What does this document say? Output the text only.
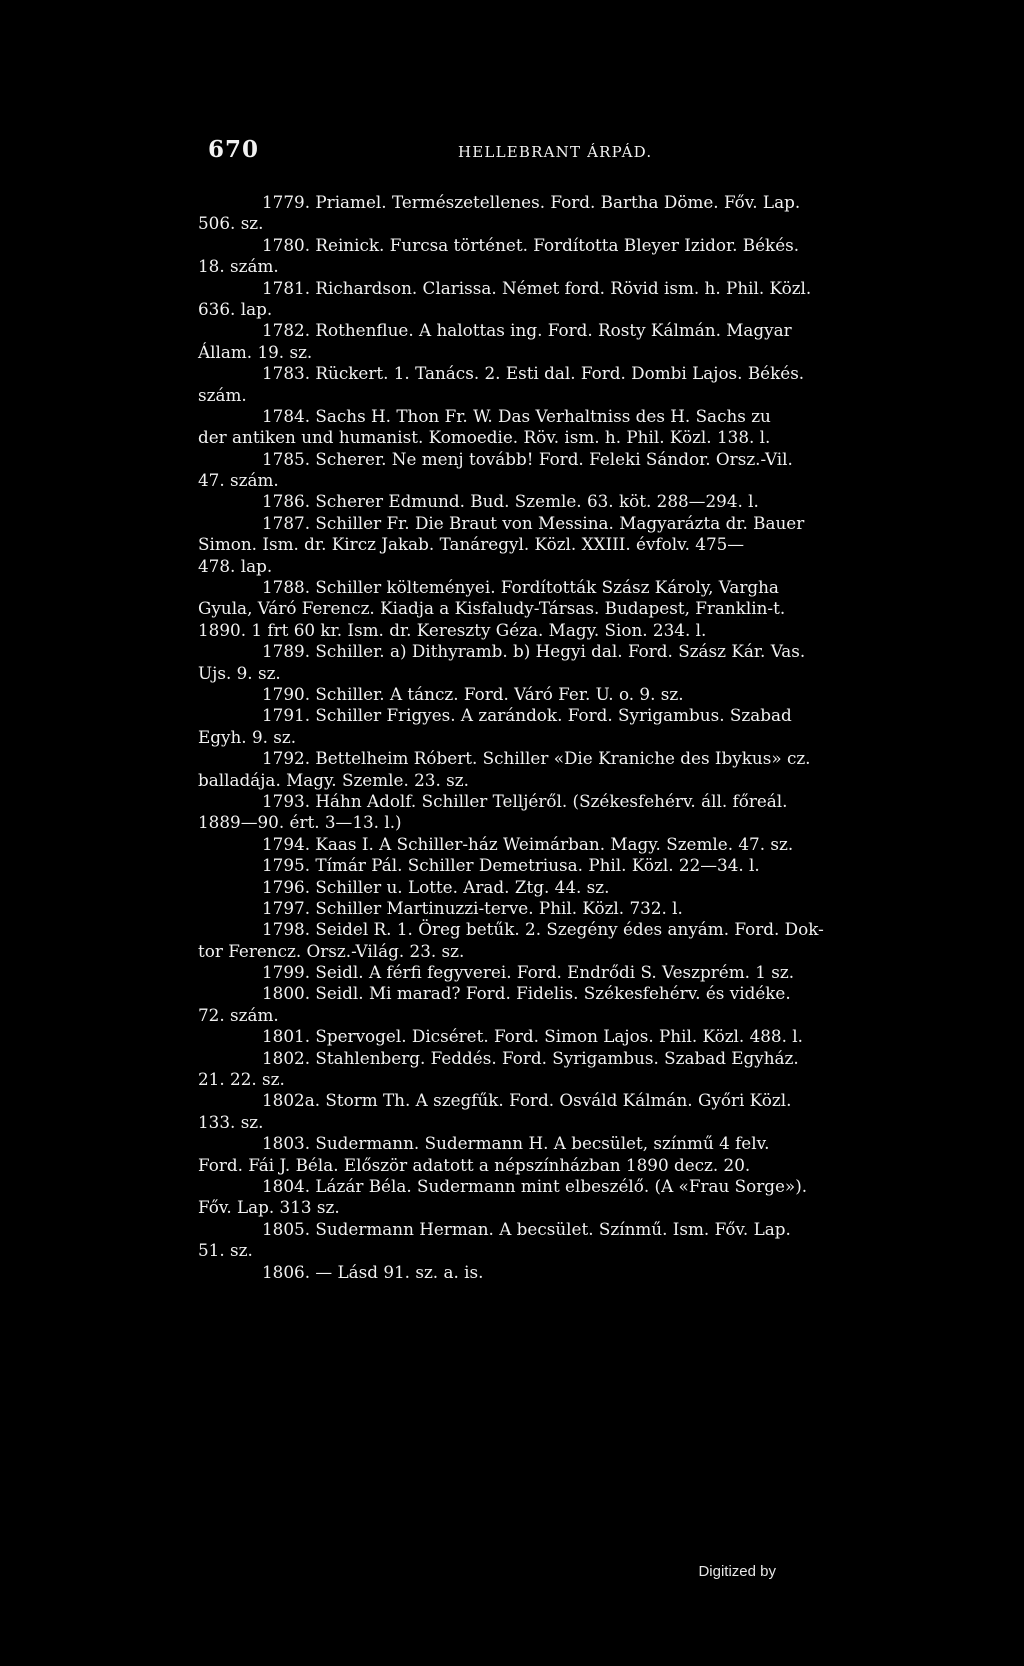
670	HELLEBRANT ÁRPÁD.
1779. Priamel. Természetellenes. Ford. Bartha Döme. Főv. Lap.
506. sz.
1780. Reinick. Furcsa történet. Fordította Bleyer Izidor. Békés.
18. szám.
1781. Richardson. Clarissa. Német ford. Rövid ism. h. Phil. Közl.
636. lap.
1782. Rothenflue. A halottas ing. Ford. Rosty Kálmán. Magyar
Állam. 19. sz.
1783. Rückert. 1. Tanács. 2. Esti dal. Ford. Dombi Lajos. Békés.
szám.
1784. Sachs H. Thon Fr. W. Das Verhaltniss des H. Sachs zu
der antiken und humanist. Komoedie. Röv. ism. h. Phil. Közl. 138. l.
1785. Scherer. Ne menj tovább! Ford. Feleki Sándor. Orsz.-Vil.
47. szám.
1786. Scherer Edmund. Bud. Szemle. 63. köt. 288—294. l.
1787. Schiller Fr. Die Braut von Messina. Magyarázta dr. Bauer
Simon. Ism. dr. Kircz Jakab. Tanáregyl. Közl. XXIII. évfolv. 475—
478. lap.
1788. Schiller költeményei. Fordították Szász Károly, Vargha
Gyula, Váró Ferencz. Kiadja a Kisfaludy-Társas. Budapest, Franklin-t.
1890. 1 frt 60 kr. Ism. dr. Kereszty Géza. Magy. Sion. 234. l.
1789. Schiller. a) Dithyramb. b) Hegyi dal. Ford. Szász Kár. Vas.
Ujs. 9. sz.
1790. Schiller. A táncz. Ford. Váró Fer. U. o. 9. sz.
1791. Schiller Frigyes. A zarándok. Ford. Syrigambus. Szabad
Egyh. 9. sz.
1792. Bettelheim Róbert. Schiller «Die Kraniche des Ibykus» cz.
balladája. Magy. Szemle. 23. sz.
1793. Háhn Adolf. Schiller Telljéről. (Székesfehérv. áll. főreál.
1889—90. ért. 3—13. l.)
1794. Kaas I. A Schiller-ház Weimárban. Magy. Szemle. 47. sz.
1795. Tímár Pál. Schiller Demetriusa. Phil. Közl. 22—34. l.
1796. Schiller u. Lotte. Arad. Ztg. 44. sz.
1797. Schiller Martinuzzi-terve. Phil. Közl. 732. l.
1798. Seidel R. 1. Öreg betűk. 2. Szegény édes anyám. Ford. Dok-
tor Ferencz. Orsz.-Világ. 23. sz.
1799. Seidl. A férfi fegyverei. Ford. Endrődi S. Veszprém. 1 sz.
1800. Seidl. Mi marad? Ford. Fidelis. Székesfehérv. és vidéke.
72. szám.
1801. Spervogel. Dicséret. Ford. Simon Lajos. Phil. Közl. 488. l.
1802. Stahlenberg. Feddés. Ford. Syrigambus. Szabad Egyház.
21. 22. sz.
1802a. Storm Th. A szegfűk. Ford. Osváld Kálmán. Győri Közl.
133. sz.
1803. Sudermann. Sudermann H. A becsület, színmű 4 felv.
Ford. Fái J. Béla. Először adatott a népszínházban 1890 decz. 20.
1804. Lázár Béla. Sudermann mint elbeszélő. (A «Frau Sorge»).
Főv. Lap. 313 sz.
1805. Sudermann Herman. A becsület. Színmű. Ism. Főv. Lap.
51. sz.
1806. — Lásd 91. sz. a. is.
Digitized by
